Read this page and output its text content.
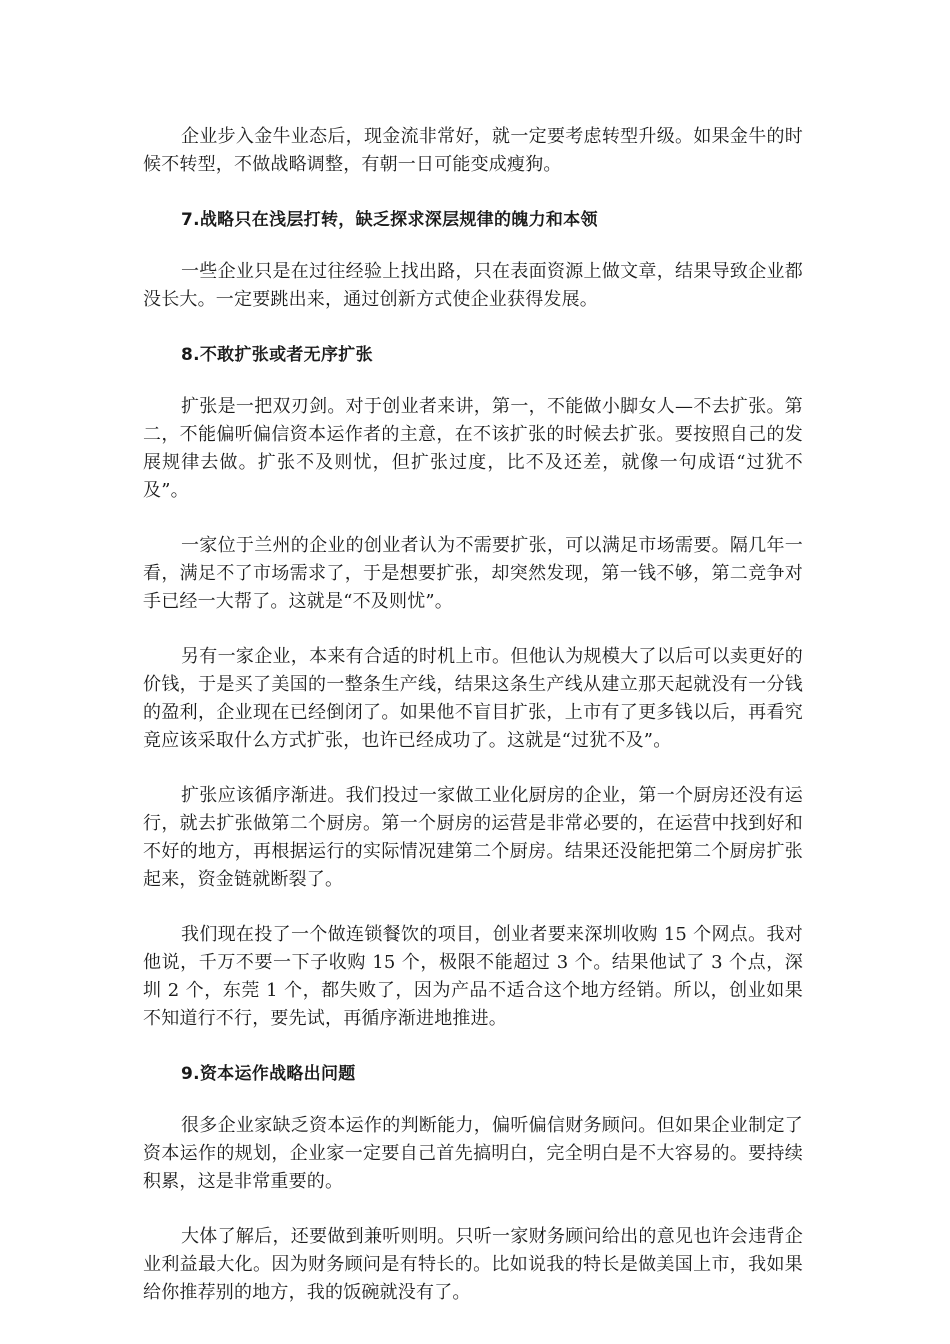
企业步入金牛业态后，现金流非常好，就一定要考虑转型升级。如果金牛的时候不转型，不做战略调整，有朝一日可能变成瘦狗。

7.战略只在浅层打转，缺乏探求深层规律的魄力和本领

一些企业只是在过往经验上找出路，只在表面资源上做文章，结果导致企业都没长大。一定要跳出来，通过创新方式使企业获得发展。

8.不敢扩张或者无序扩张

扩张是一把双刃剑。对于创业者来讲，第一，不能做小脚女人—不去扩张。第二，不能偏听偏信资本运作者的主意，在不该扩张的时候去扩张。要按照自己的发展规律去做。扩张不及则忧，但扩张过度，比不及还差，就像一句成语“过犹不及”。

一家位于兰州的企业的创业者认为不需要扩张，可以满足市场需要。隔几年一看，满足不了市场需求了，于是想要扩张，却突然发现，第一钱不够，第二竞争对手已经一大帮了。这就是“不及则忧”。

另有一家企业，本来有合适的时机上市。但他认为规模大了以后可以卖更好的价钱，于是买了美国的一整条生产线，结果这条生产线从建立那天起就没有一分钱的盈利，企业现在已经倒闭了。如果他不盲目扩张，上市有了更多钱以后，再看究竟应该采取什么方式扩张，也许已经成功了。这就是“过犹不及”。

扩张应该循序渐进。我们投过一家做工业化厨房的企业，第一个厨房还没有运行，就去扩张做第二个厨房。第一个厨房的运营是非常必要的，在运营中找到好和不好的地方，再根据运行的实际情况建第二个厨房。结果还没能把第二个厨房扩张起来，资金链就断裂了。

我们现在投了一个做连锁餐饮的项目，创业者要来深圳收购 15 个网点。我对他说，千万不要一下子收购 15 个，极限不能超过 3 个。结果他试了 3 个点，深圳 2 个，东莞 1 个，都失败了，因为产品不适合这个地方经销。所以，创业如果不知道行不行，要先试，再循序渐进地推进。

9.资本运作战略出问题

很多企业家缺乏资本运作的判断能力，偏听偏信财务顾问。但如果企业制定了资本运作的规划，企业家一定要自己首先搞明白，完全明白是不大容易的。要持续积累，这是非常重要的。

大体了解后，还要做到兼听则明。只听一家财务顾问给出的意见也许会违背企业利益最大化。因为财务顾问是有特长的。比如说我的特长是做美国上市，我如果给你推荐别的地方，我的饭碗就没有了。
